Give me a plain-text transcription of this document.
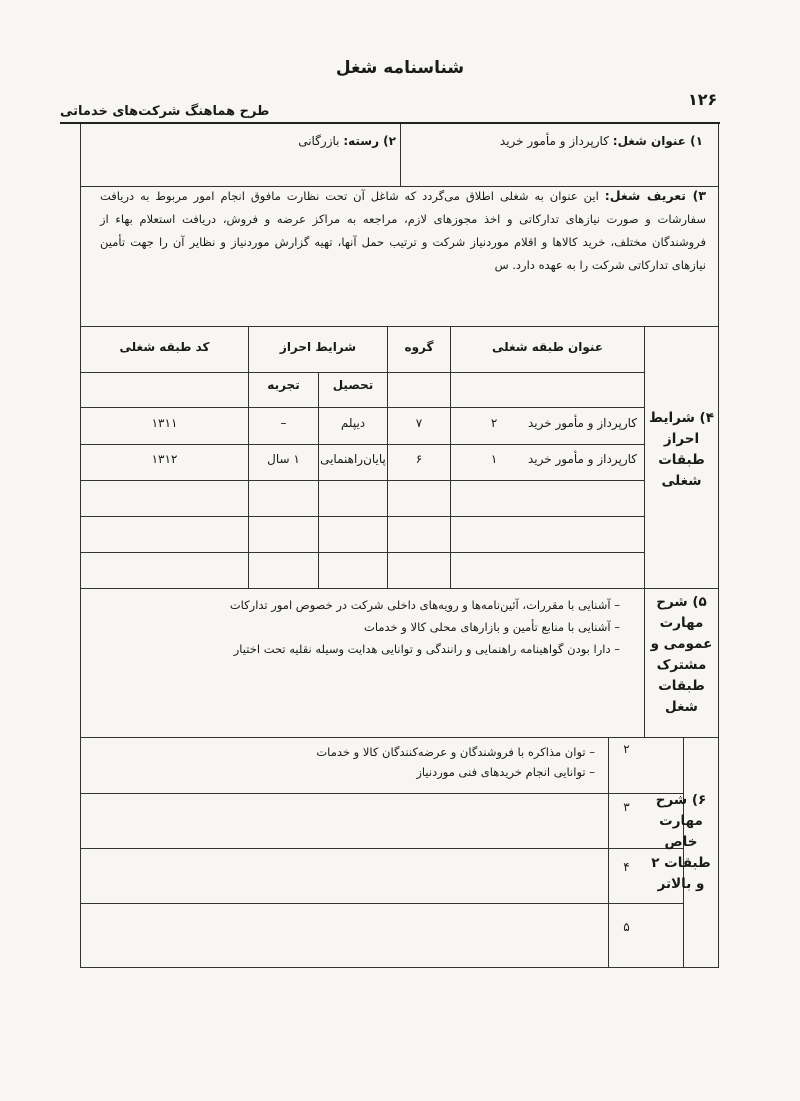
شناسنامه شغل
۱۲۶
طرح هماهنگ شرکت‌های خدماتی
۱) عنوان شغل: کارپرداز و مأمور خرید
۲) رسته: بازرگانی
۳) تعریف شغل: این عنوان به شغلی اطلاق می‌گردد که شاغل آن تحت نظارت مافوق انجام امور مربوط به دریافت سفارشات و صورت نیازهای تدارکاتی و اخذ مجوزهای لازم، مراجعه به مراکز عرضه و فروش، دریافت استعلام بهاء از فروشندگان مختلف، خرید کالاها و اقلام موردنیاز شرکت و ترتیب حمل آنها، تهیه گزارش موردنیاز و نظایر آن را جهت تأمین نیازهای تدارکاتی شرکت را به عهده دارد. س
۴) شرایط
احراز
طبقات
شغلی
عنوان طبقه شغلی
گروه
شرایط احراز
کد طبقه شغلی
تحصیل
تجربه
کارپرداز و مأمور خرید ۲
۷
دیپلم
–
۱۳۱۱
کارپرداز و مأمور خرید ۱
۶
پایان‌راهنمایی
۱ سال
۱۳۱۲
۵) شرح
مهارت
عمومی و
مشترک
طبقات
شغل
– آشنایی با مقررات، آئین‌نامه‌ها و رویه‌های داخلی شرکت در خصوص امور تدارکات
– آشنایی با منابع تأمین و بازارهای محلی کالا و خدمات
– دارا بودن گواهینامه راهنمایی و رانندگی و توانایی هدایت وسیله نقلیه تحت اختیار
۶) شرح
مهارت
خاص
طبقات ۲
و بالاتر
۲
۳
۴
۵
– توان مذاکره با فروشندگان و عرضه‌کنندگان کالا و خدمات
– توانایی انجام خریدهای فنی موردنیاز
